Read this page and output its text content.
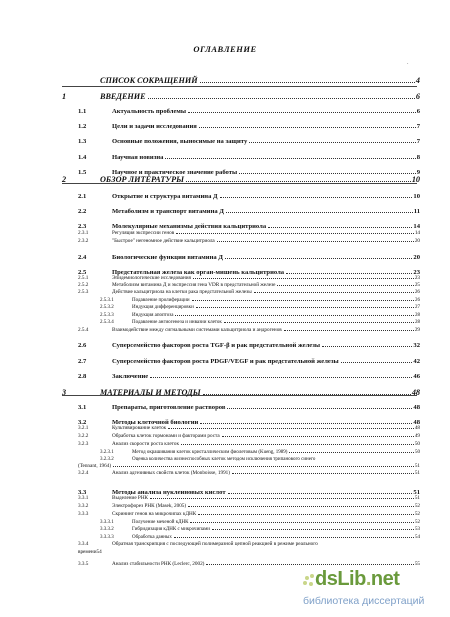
ОГЛАВЛЕНИЕ
.
СПИСОК СОКРАЩЕНИЙ	4
1	ВВЕДЕНИЕ	6
1.1	Актуальность проблемы	6
1.2	Цели и задачи исследования	7
1.3	Основные положения, выносимые на защиту	7
1.4	Научная новизна	8
1.5	Научное и практическое значение работы	9
2	ОБЗОР ЛИТЕРАТУРЫ	10
2.1	Открытие и структура витамина Д	10
2.2	Метаболизм и транспорт витамина Д	11
2.3	Молекулярные механизмы действия кальцитриола	14
2.3.1	Регуляция экспрессии генов	14
2.3.2	"Быстрое" негеномное действие кальцитриола	20
2.4	Биологические функции витамина Д	20
2.5	Предстательная железа как орган-мишень кальцитриола	23
2.5.1	Эпидемиологические исследования	23
2.5.2	Метаболизм витамина Д и экспрессия гена VDR в предстательной железе	25
2.5.3	Действие кальцитриола на клетки рака предстательной железы	26
2.5.3.1	Подавление пролиферации	26
2.5.3.2	Индукция дифференцировки	27
2.5.3.3	Индукция апоптоза	28
2.5.3.4	Подавление ангиогенеза и инвазии клеток	28
2.5.4	Взаимодействие между сигнальными системами кальцитриола и андрогенов	29
2.6	Суперсемейство факторов роста TGF-β и рак предстательной железы	32
2.7	Суперсемейство факторов роста PDGF/VEGF и рак предстательной железы	42
2.8	Заключение	46
3	МАТЕРИАЛЫ И МЕТОДЫ	48
3.1	Препараты, приготовление растворов	48
3.2	Методы клеточной биологии	48
3.2.1	Культивирование клеток	48
3.2.2	Обработка клеток гормонами и факторами роста	49
3.2.3	Анализ скорости роста клеток	50
3.2.3.1	Метод окрашивания клеток кристаллическим фиолетовым (Kueng, 1989)	50
3.2.3.2	Оценка количества жизнеспособных клеток методом исключения трипанового синего
(Tennant, 1964)	51
3.2.4	Анализ адгезивных свойств клеток (Monboisse, 1991)	51
3.3	Методы анализа нуклеиновых кислот	51
3.3.1	Выделение РНК	51
3.3.2	Электрофорез РНК (Masek, 2005)	52
3.3.3	Скрининг генов на микрочипах кДНК	52
3.3.3.1	Получение меченой кДНК	52
3.3.3.2	Гибридизация кДНК с микрочипами	53
3.3.3.3	Обработка данных	54
3.3.4	Обратная транскрипция с последующей полимеразной цепной реакцией в режиме реального
времени54
3.3.5	Анализ стабильности РНК (Leclerc, 2002)	55
dsLib.net
библиотека диссертаций
